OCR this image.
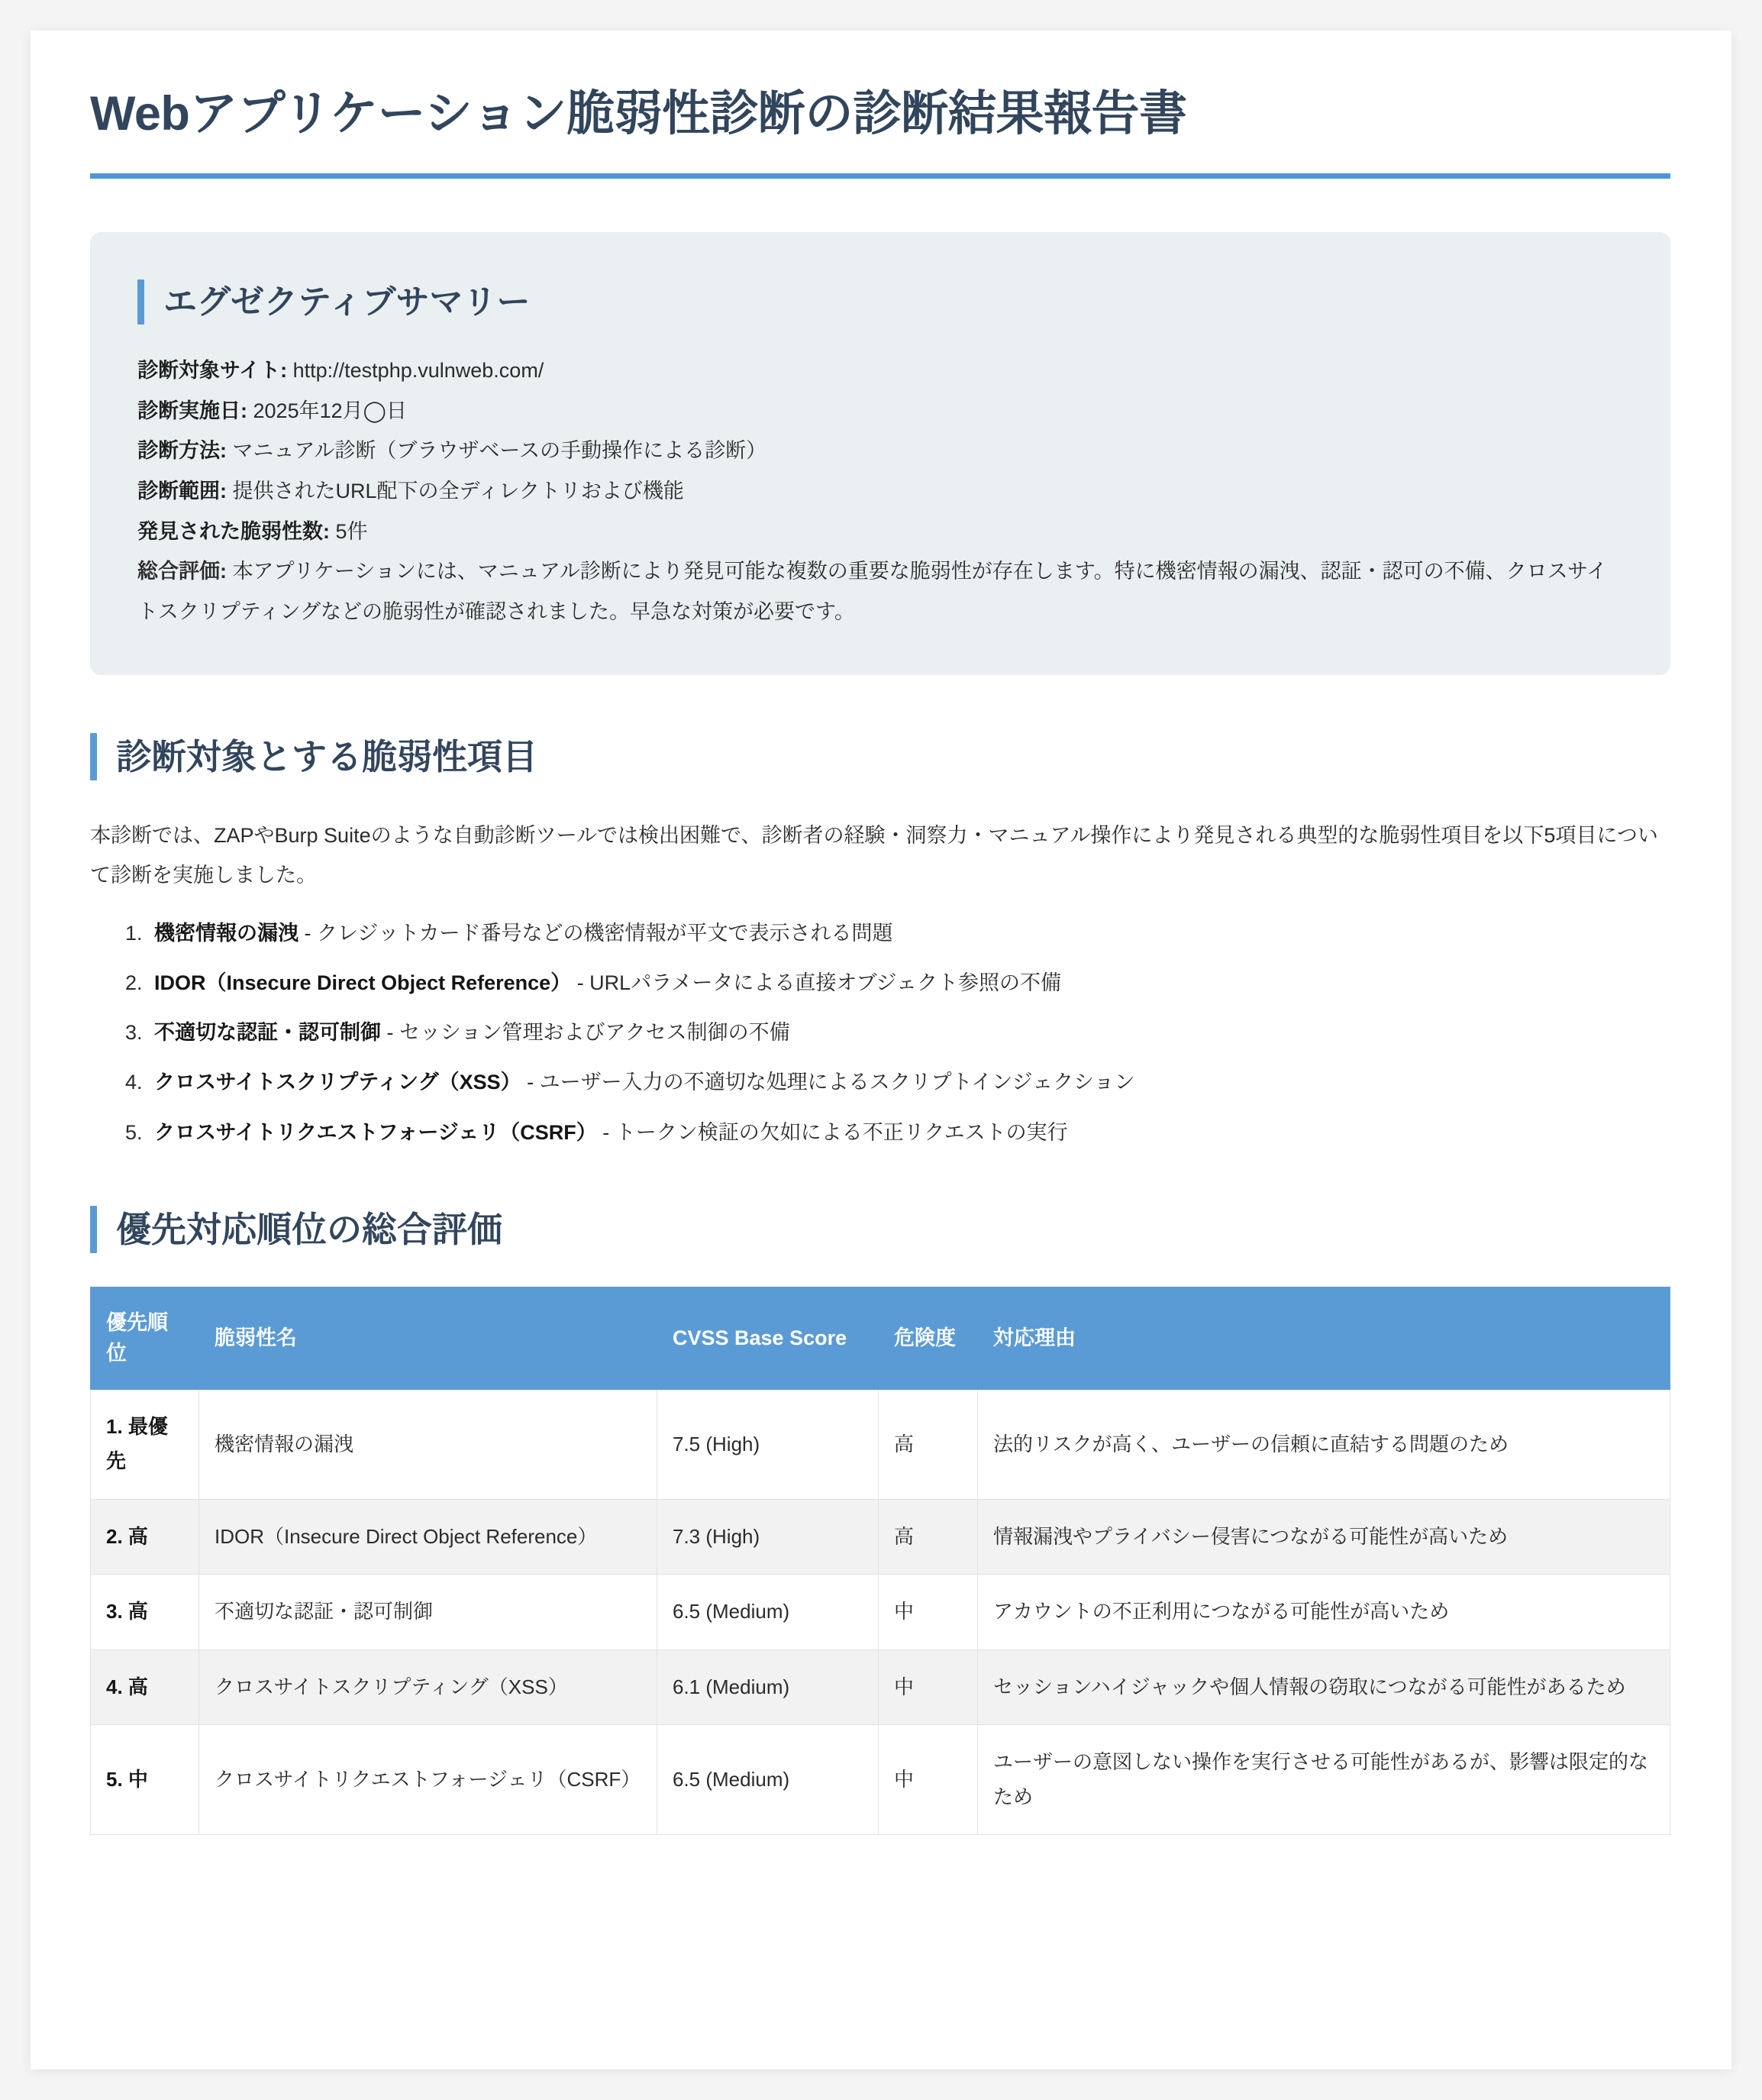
Webアプリケーション脆弱性診断の診断結果報告書
エグゼクティブサマリー

診断対象サイト: http://testphp.vulnweb.com/

診断実施日: 2025年12月◯日

診断方法: マニュアル診断（ブラウザベースの手動操作による診断）

診断範囲: 提供されたURL配下の全ディレクトリおよび機能

発見された脆弱性数: 5件

総合評価: 本アプリケーションには、マニュアル診断により発見可能な複数の重要な脆弱性が存在します。特に機密情報の漏洩、認証・認可の不備、クロスサイトスクリプティングなどの脆弱性が確認されました。早急な対策が必要です。

診断対象とする脆弱性項目

本診断では、ZAPやBurp Suiteのような自動診断ツールでは検出困難で、診断者の経験・洞察力・マニュアル操作により発見される典型的な脆弱性項目を以下5項目について診断を実施しました。

1. 機密情報の漏洩 - クレジットカード番号などの機密情報が平文で表示される問題
2. IDOR（Insecure Direct Object Reference） - URLパラメータによる直接オブジェクト参照の不備
3. 不適切な認証・認可制御 - セッション管理およびアクセス制御の不備
4. クロスサイトスクリプティング（XSS） - ユーザー入力の不適切な処理によるスクリプトインジェクション
5. クロスサイトリクエストフォージェリ（CSRF） - トークン検証の欠如による不正リクエストの実行
優先対応順位の総合評価
優先順位	脆弱性名	CVSS Base Score	危険度	対応理由
1. 最優先	機密情報の漏洩	7.5 (High)	高	法的リスクが高く、ユーザーの信頼に直結する問題のため
2. 高	IDOR（Insecure Direct Object Reference）	7.3 (High)	高	情報漏洩やプライバシー侵害につながる可能性が高いため
3. 高	不適切な認証・認可制御	6.5 (Medium)	中	アカウントの不正利用につながる可能性が高いため
4. 高	クロスサイトスクリプティング（XSS）	6.1 (Medium)	中	セッションハイジャックや個人情報の窃取につながる可能性があるため
5. 中	クロスサイトリクエストフォージェリ（CSRF）	6.5 (Medium)	中	ユーザーの意図しない操作を実行させる可能性があるが、影響は限定的なため
